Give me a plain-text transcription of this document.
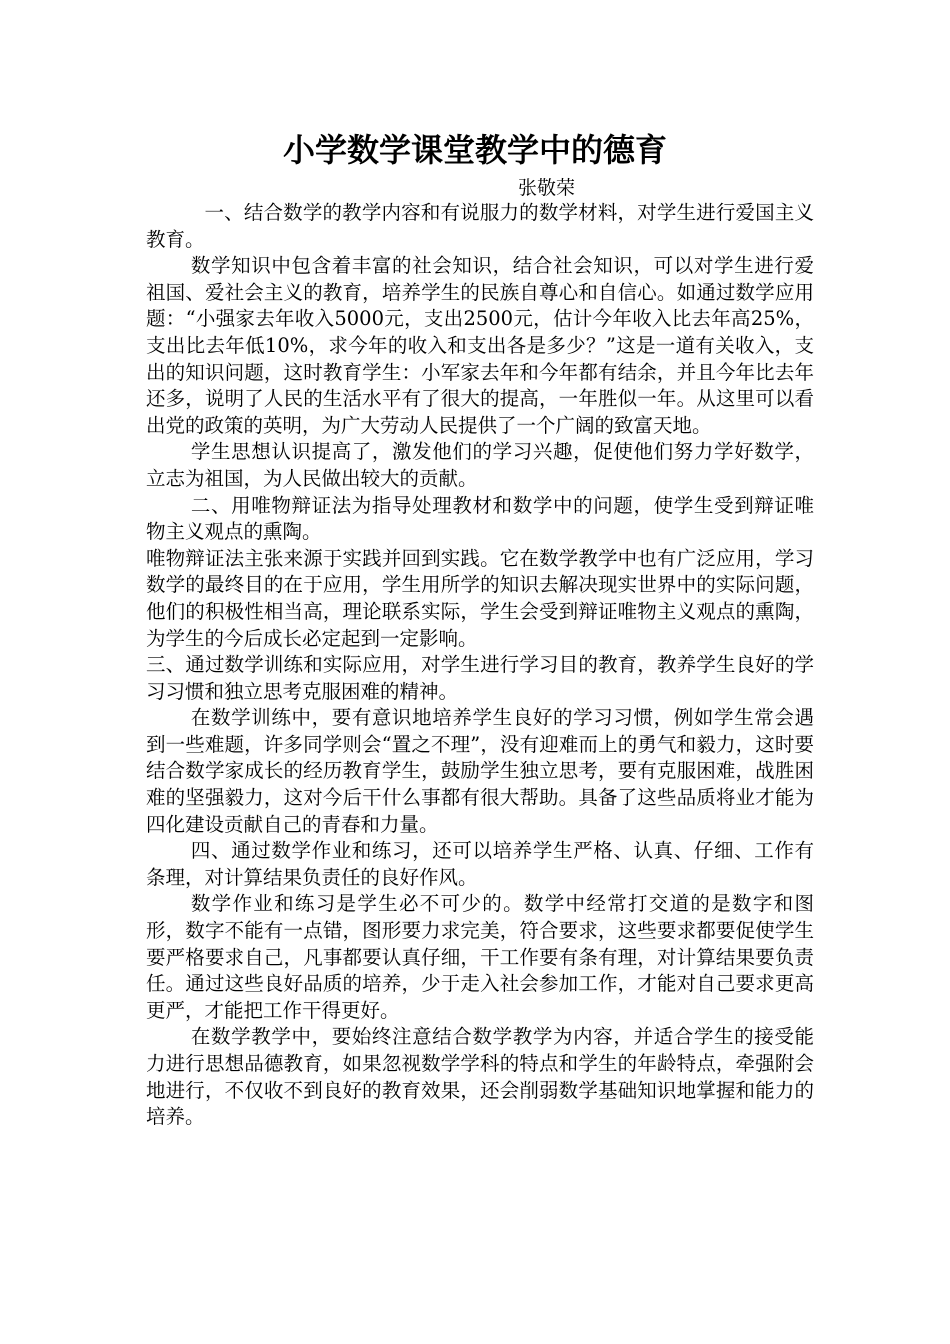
小学数学课堂教学中的德育
张敬荣

一、结合数学的教学内容和有说服力的数学材料，对学生进行爱国主义教育。

数学知识中包含着丰富的社会知识，结合社会知识，可以对学生进行爱祖国、爱社会主义的教育，培养学生的民族自尊心和自信心。如通过数学应用题：“小强家去年收入5000元，支出2500元，估计今年收入比去年高25%，支出比去年低10%，求今年的收入和支出各是多少？”这是一道有关收入，支出的知识问题，这时教育学生：小军家去年和今年都有结余，并且今年比去年还多，说明了人民的生活水平有了很大的提高，一年胜似一年。从这里可以看出党的政策的英明，为广大劳动人民提供了一个广阔的致富天地。

学生思想认识提高了，激发他们的学习兴趣，促使他们努力学好数学，立志为祖国，为人民做出较大的贡献。

二、用唯物辩证法为指导处理教材和数学中的问题，使学生受到辩证唯物主义观点的熏陶。

唯物辩证法主张来源于实践并回到实践。它在数学教学中也有广泛应用，学习数学的最终目的在于应用，学生用所学的知识去解决现实世界中的实际问题，他们的积极性相当高，理论联系实际，学生会受到辩证唯物主义观点的熏陶，为学生的今后成长必定起到一定影响。

三、通过数学训练和实际应用，对学生进行学习目的教育，教养学生良好的学习习惯和独立思考克服困难的精神。

在数学训练中，要有意识地培养学生良好的学习习惯，例如学生常会遇到一些难题，许多同学则会“置之不理”，没有迎难而上的勇气和毅力，这时要结合数学家成长的经历教育学生，鼓励学生独立思考，要有克服困难，战胜困难的坚强毅力，这对今后干什么事都有很大帮助。具备了这些品质将业才能为四化建设贡献自己的青春和力量。

四、通过数学作业和练习，还可以培养学生严格、认真、仔细、工作有条理，对计算结果负责任的良好作风。

数学作业和练习是学生必不可少的。数学中经常打交道的是数字和图形，数字不能有一点错，图形要力求完美，符合要求，这些要求都要促使学生要严格要求自己，凡事都要认真仔细，干工作要有条有理，对计算结果要负责任。通过这些良好品质的培养，少于走入社会参加工作，才能对自己要求更高更严，才能把工作干得更好。

在数学教学中，要始终注意结合数学教学为内容，并适合学生的接受能力进行思想品德教育，如果忽视数学学科的特点和学生的年龄特点，牵强附会地进行，不仅收不到良好的教育效果，还会削弱数学基础知识地掌握和能力的培养。
